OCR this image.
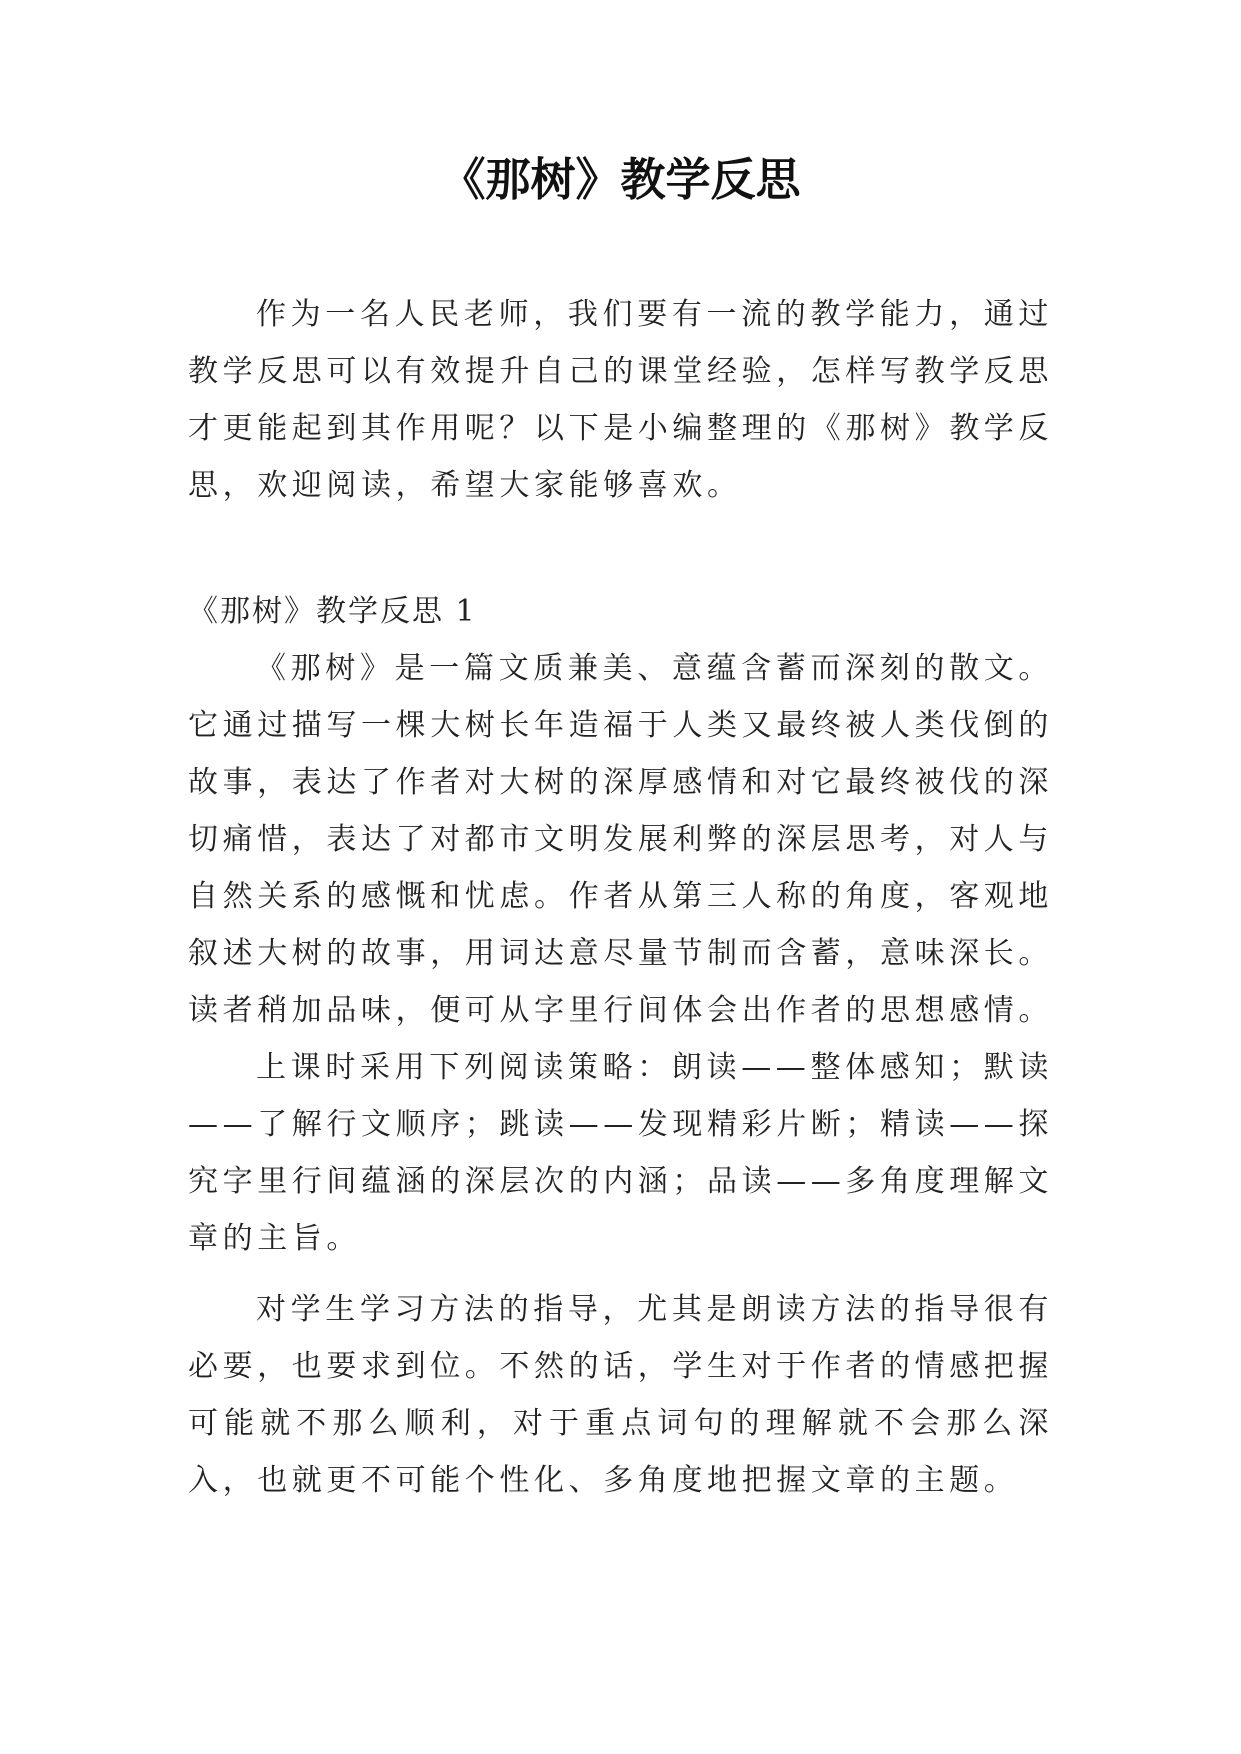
《那树》教学反思

作为一名人民老师，我们要有一流的教学能力，通过教学反思可以有效提升自己的课堂经验，怎样写教学反思才更能起到其作用呢？以下是小编整理的《那树》教学反思，欢迎阅读，希望大家能够喜欢。

《那树》教学反思 1

《那树》是一篇文质兼美、意蕴含蓄而深刻的散文。它通过描写一棵大树长年造福于人类又最终被人类伐倒的故事，表达了作者对大树的深厚感情和对它最终被伐的深切痛惜，表达了对都市文明发展利弊的深层思考，对人与自然关系的感慨和忧虑。作者从第三人称的角度，客观地叙述大树的故事，用词达意尽量节制而含蓄，意味深长。读者稍加品味，便可从字里行间体会出作者的思想感情。

上课时采用下列阅读策略：朗读——整体感知；默读——了解行文顺序；跳读——发现精彩片断；精读——探究字里行间蕴涵的深层次的内涵；品读——多角度理解文章的主旨。

对学生学习方法的指导，尤其是朗读方法的指导很有必要，也要求到位。不然的话，学生对于作者的情感把握可能就不那么顺利，对于重点词句的理解就不会那么深入，也就更不可能个性化、多角度地把握文章的主题。
